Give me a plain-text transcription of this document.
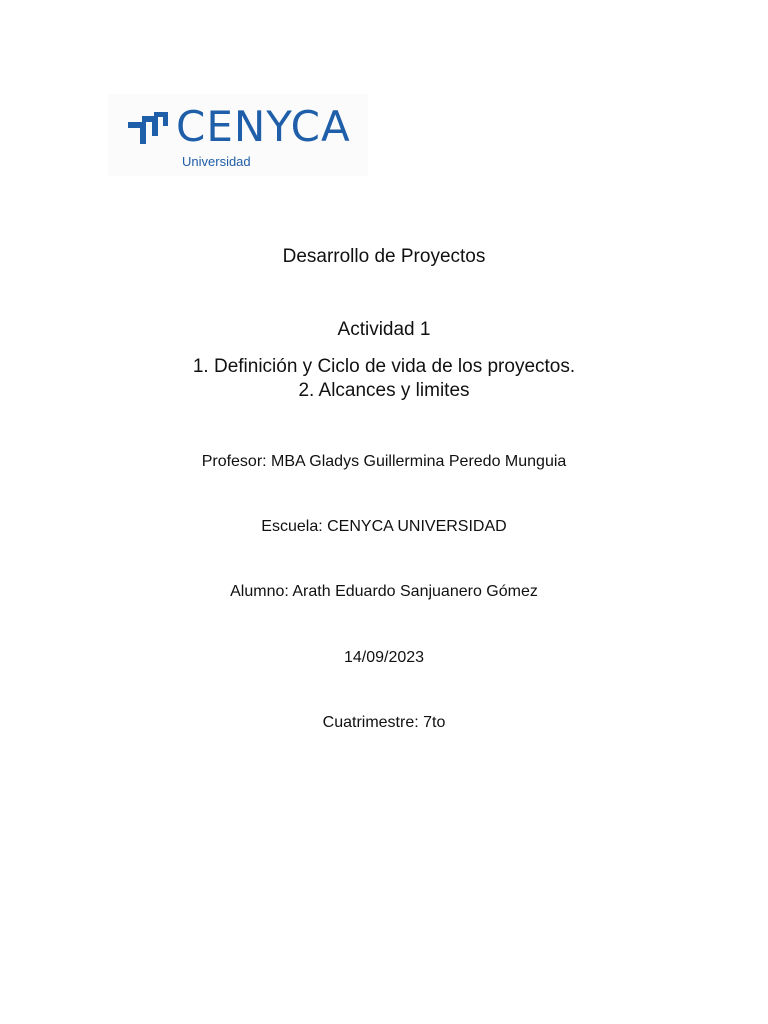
CENYCA
Universidad
Desarrollo de Proyectos
Actividad 1
1. Definición y Ciclo de vida de los proyectos.
2. Alcances y limites
Profesor: MBA Gladys Guillermina Peredo Munguia
Escuela: CENYCA UNIVERSIDAD
Alumno: Arath Eduardo Sanjuanero Gómez
14/09/2023
Cuatrimestre: 7to
